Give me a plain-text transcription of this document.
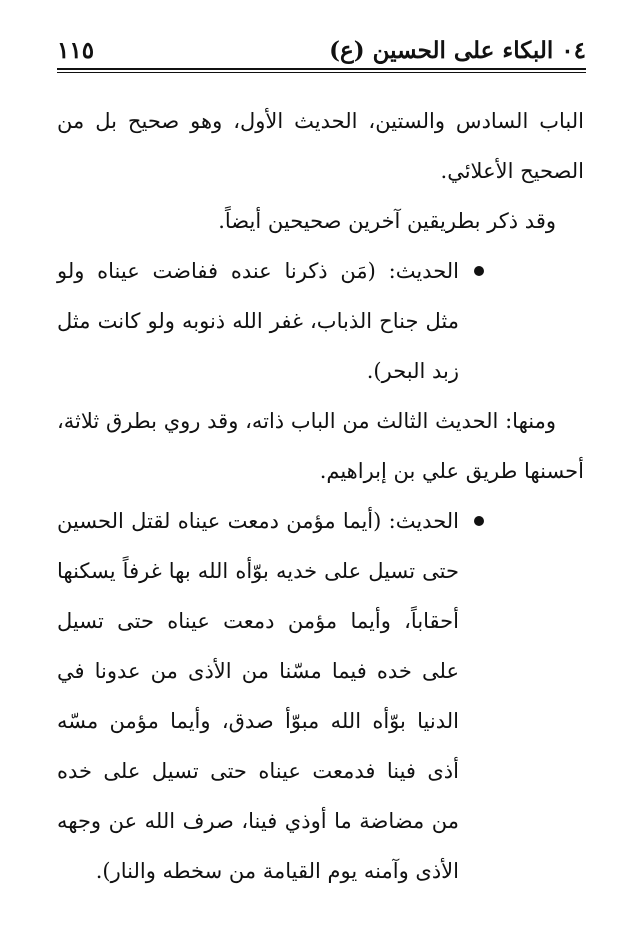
٠٤ البكاء على الحسين (ع)
١١٥

الباب السادس والستين، الحديث الأول، وهو صحيح بل من الصحيح الأعلائي.

وقد ذكر بطريقين آخرين صحيحين أيضاً.

الحديث: (مَن ذكرنا عنده ففاضت عيناه ولو مثل جناح الذباب، غفر الله ذنوبه ولو كانت مثل زبد البحر).

ومنها: الحديث الثالث من الباب ذاته، وقد روي بطرق ثلاثة، أحسنها طريق علي بن إبراهيم.

الحديث: (أيما مؤمن دمعت عيناه لقتل الحسين حتى تسيل على خديه بوّأه الله بها غرفاً يسكنها أحقاباً، وأيما مؤمن دمعت عيناه حتى تسيل على خده فيما مسّنا من الأذى من عدونا في الدنيا بوّأه الله مبوّأ صدق، وأيما مؤمن مسّه أذى فينا فدمعت عيناه حتى تسيل على خده من مضاضة ما أوذي فينا، صرف الله عن وجهه الأذى وآمنه يوم القيامة من سخطه والنار).
